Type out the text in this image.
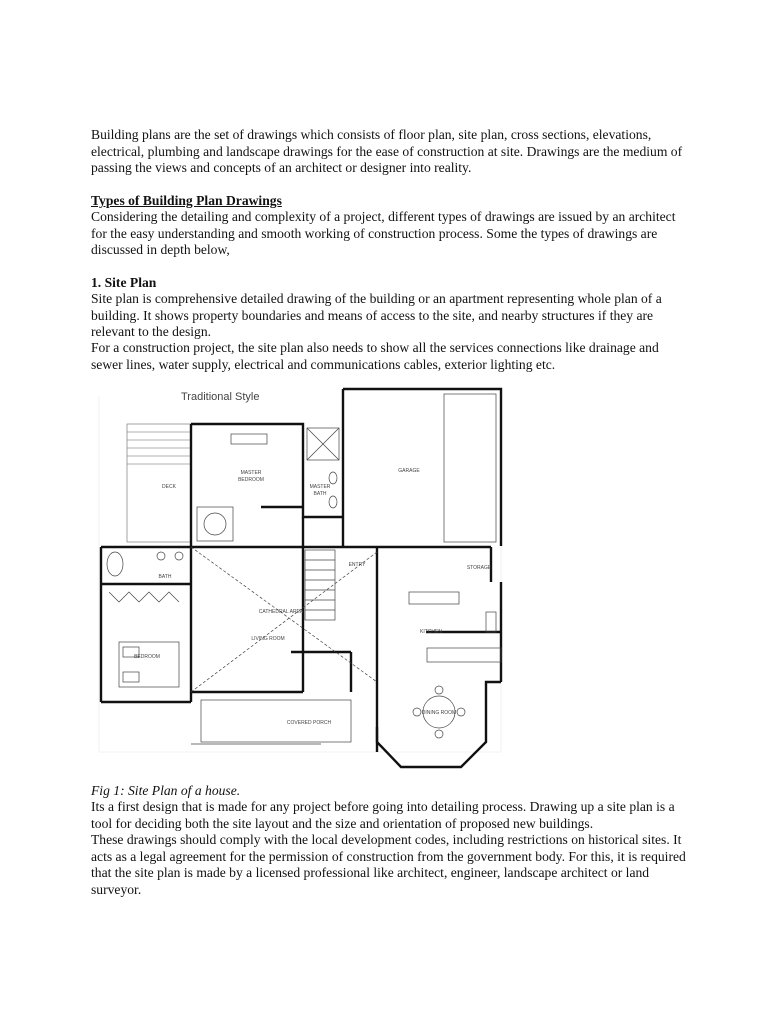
Building plans are the set of drawings which consists of floor plan, site plan, cross sections, elevations, electrical, plumbing and landscape drawings for the ease of construction at site. Drawings are the medium of passing the views and concepts of an architect or designer into reality.

Types of Building Plan Drawings

Considering the detailing and complexity of a project, different types of drawings are issued by an architect for the easy understanding and smooth working of construction process. Some the types of drawings are discussed in depth below,

1. Site Plan

Site plan is comprehensive detailed drawing of the building or an apartment representing whole plan of a building. It shows property boundaries and means of access to the site, and nearby structures if they are relevant to the design.

For a construction project, the site plan also needs to show all the services connections like drainage and sewer lines, water supply, electrical and communications cables, exterior lighting etc.

Fig 1: Site Plan of a house.

Its a first design that is made for any project before going into detailing process. Drawing up a site plan is a tool for deciding both the site layout and the size and orientation of proposed new buildings.

These drawings should comply with the local development codes, including restrictions on historical sites. It acts as a legal agreement for the permission of construction from the government body. For this, it is required that the site plan is made by a licensed professional like architect, engineer, landscape architect or land surveyor.

Traditional Style
GARAGE
MASTER
BEDROOM
DECK	MASTER
BATH
BATH
ENTRY	STORAGE
CATHEDRAL AREA
LIVING ROOM
KITCHEN
BEDROOM
DINING ROOM
COVERED PORCH
